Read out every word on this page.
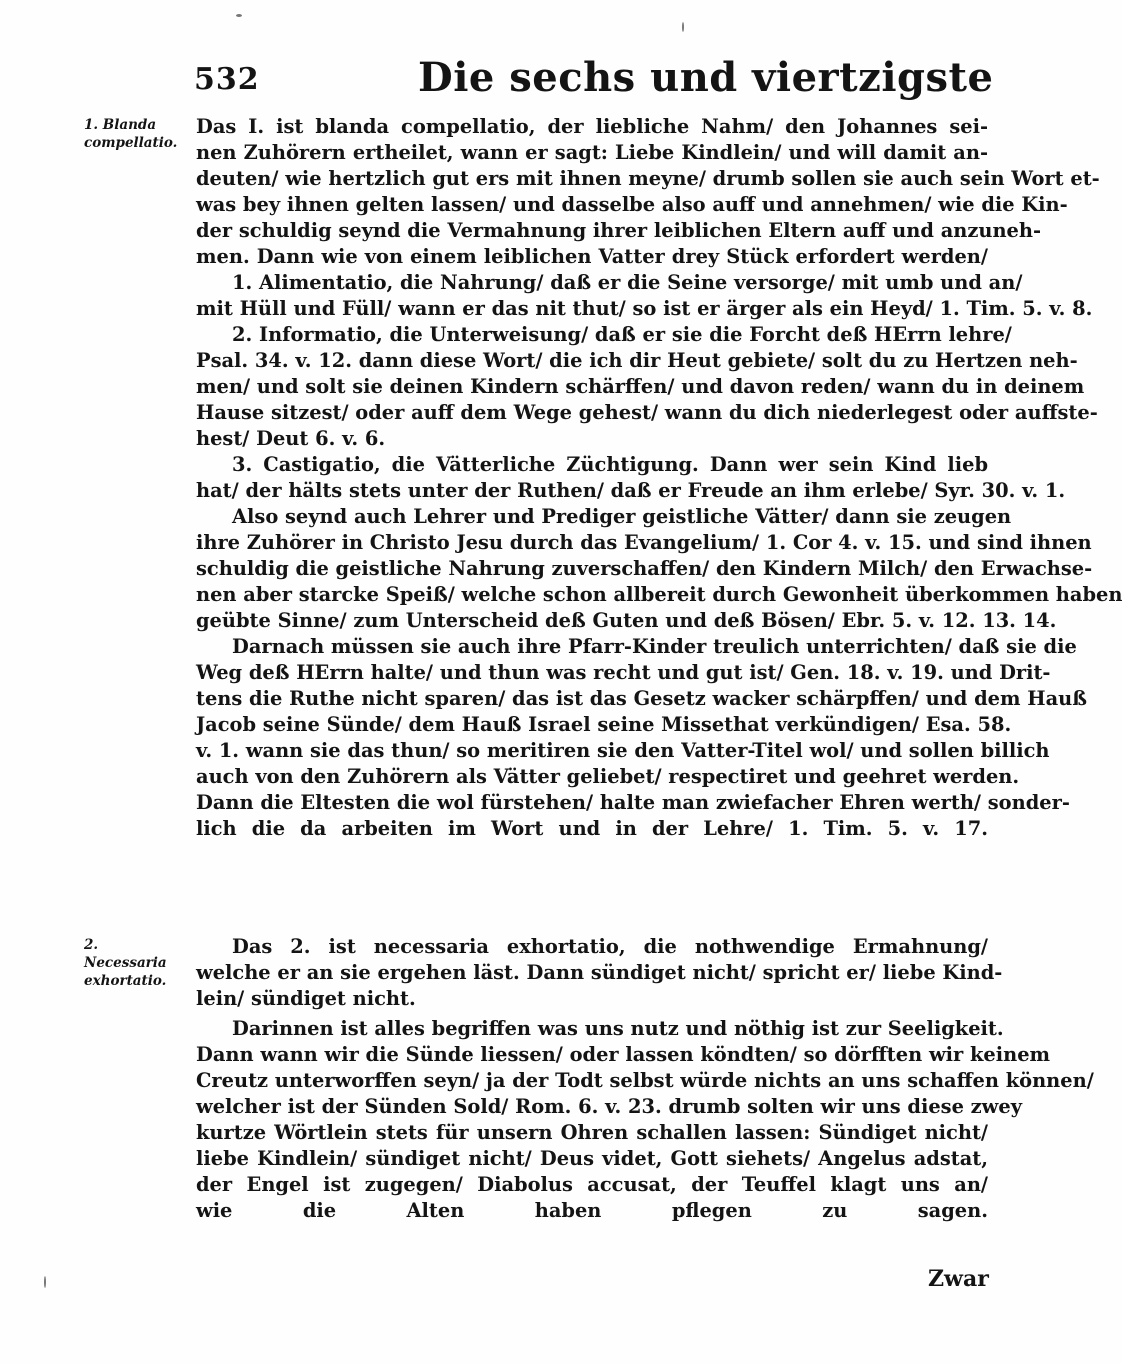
532	Die sechs und viertzigste
1. Blanda compellatio.
2. Necessaria exhortatio.
Das I. ist blanda compellatio, der liebliche Nahm/ den Johannes sei-
nen Zuhörern ertheilet, wann er sagt: Liebe Kindlein/ und will damit an-
deuten/ wie hertzlich gut ers mit ihnen meyne/ drumb sollen sie auch sein Wort et-
was bey ihnen gelten lassen/ und dasselbe also auff und annehmen/ wie die Kin-
der schuldig seynd die Vermahnung ihrer leiblichen Eltern auff und anzuneh-
men. Dann wie von einem leiblichen Vatter drey Stück erfordert werden/
1. Alimentatio, die Nahrung/ daß er die Seine versorge/ mit umb und an/
mit Hüll und Füll/ wann er das nit thut/ so ist er ärger als ein Heyd/ 1. Tim. 5. v. 8.
2. Informatio, die Unterweisung/ daß er sie die Forcht deß HErrn lehre/
Psal. 34. v. 12. dann diese Wort/ die ich dir Heut gebiete/ solt du zu Hertzen neh-
men/ und solt sie deinen Kindern schärffen/ und davon reden/ wann du in deinem
Hause sitzest/ oder auff dem Wege gehest/ wann du dich niederlegest oder auffste-
hest/ Deut 6. v. 6.
3. Castigatio, die Vätterliche Züchtigung. Dann wer sein Kind lieb
hat/ der hälts stets unter der Ruthen/ daß er Freude an ihm erlebe/ Syr. 30. v. 1.
Also seynd auch Lehrer und Prediger geistliche Vätter/ dann sie zeugen
ihre Zuhörer in Christo Jesu durch das Evangelium/ 1. Cor 4. v. 15. und sind ihnen
schuldig die geistliche Nahrung zuverschaffen/ den Kindern Milch/ den Erwachse-
nen aber starcke Speiß/ welche schon allbereit durch Gewonheit überkommen haben
geübte Sinne/ zum Unterscheid deß Guten und deß Bösen/ Ebr. 5. v. 12. 13. 14.
Darnach müssen sie auch ihre Pfarr-Kinder treulich unterrichten/ daß sie die
Weg deß HErrn halte/ und thun was recht und gut ist/ Gen. 18. v. 19. und Drit-
tens die Ruthe nicht sparen/ das ist das Gesetz wacker schärpffen/ und dem Hauß
Jacob seine Sünde/ dem Hauß Israel seine Missethat verkündigen/ Esa. 58.
v. 1. wann sie das thun/ so meritiren sie den Vatter-Titel wol/ und sollen billich
auch von den Zuhörern als Vätter geliebet/ respectiret und geehret werden.
Dann die Eltesten die wol fürstehen/ halte man zwiefacher Ehren werth/ sonder-
lich die da arbeiten im Wort und in der Lehre/ 1. Tim. 5. v. 17.
Das 2. ist necessaria exhortatio, die nothwendige Ermahnung/
welche er an sie ergehen läst. Dann sündiget nicht/ spricht er/ liebe Kind-
lein/ sündiget nicht.
Darinnen ist alles begriffen was uns nutz und nöthig ist zur Seeligkeit.
Dann wann wir die Sünde liessen/ oder lassen köndten/ so dörfften wir keinem
Creutz unterworffen seyn/ ja der Todt selbst würde nichts an uns schaffen können/
welcher ist der Sünden Sold/ Rom. 6. v. 23. drumb solten wir uns diese zwey
kurtze Wörtlein stets für unsern Ohren schallen lassen: Sündiget nicht/
liebe Kindlein/ sündiget nicht/ Deus videt, Gott siehets/ Angelus adstat,
der Engel ist zugegen/ Diabolus accusat, der Teuffel klagt uns an/
wie die Alten haben pflegen zu sagen.
Zwar
